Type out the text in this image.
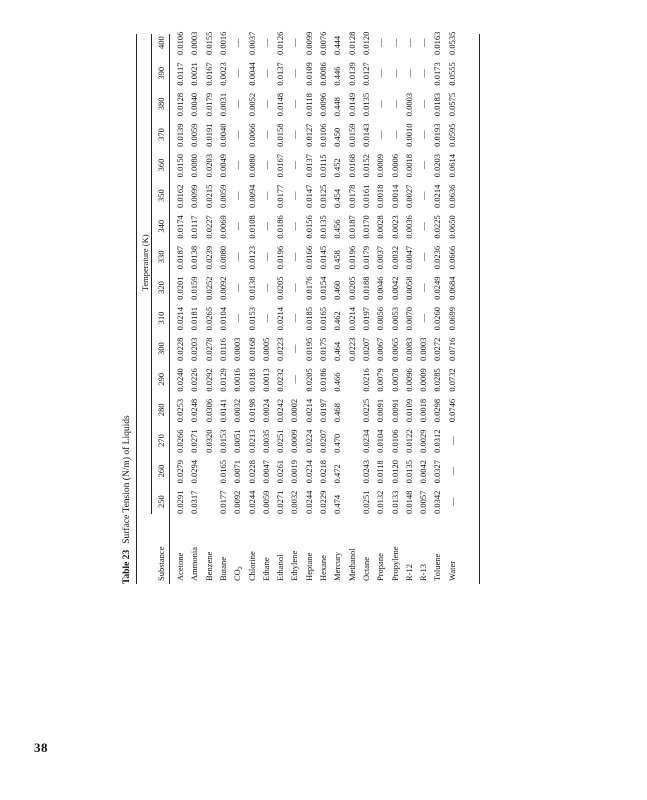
38
Table 23Surface Tension (N/m) of Liquids
Temperature (K)
Substance
250
260
270
280
290
300
310
320
330
340
350
360
370
380
390
400
Acetone
0.0291
0.0279
0.0266
0.0253
0.0240
0.0228
0.0214
0.0201
0.0187
0.0174
0.0162
0.0150
0.0139
0.0128
0.0117
0.0106
Ammonia
0.0317
0.0294
0.0271
0.0248
0.0226
0.0203
0.0181
0.0159
0.0138
0.0117
0.0099
0.0080
0.0059
0.0040
0.0021
0.0003
Benzene
0.0320
0.0306
0.0292
0.0278
0.0265
0.0252
0.0239
0.0227
0.0215
0.0203
0.0191
0.0179
0.0167
0.0155
Butane
0.0177
0.0165
0.0153
0.0141
0.0129
0.0116
0.0104
0.0092
0.0080
0.0069
0.0059
0.0049
0.0040
0.0031
0.0023
0.0016
$CO_2$
0.0092
0.0071
0.0051
0.0032
0.0016
0.0003
—
—
—
—
—
—
—
—
—
—
Chlorine
0.0244
0.0228
0.0213
0.0198
0.0183
0.0168
0.0153
0.0138
0.0123
0.0108
0.0094
0.0080
0.0066
0.0052
0.0044
0.0037
Ethane
0.0059
0.0047
0.0035
0.0024
0.0013
0.0005
—
—
—
—
—
—
—
—
—
—
Ethanol
0.0271
0.0261
0.0251
0.0242
0.0232
0.0223
0.0214
0.0205
0.0196
0.0186
0.0177
0.0167
0.0158
0.0148
0.0137
0.0126
Ethylene
0.0032
0.0019
0.0009
0.0002
—
—
—
—
—
—
—
—
—
—
—
—
Heptane
0.0244
0.0234
0.0224
0.0214
0.0205
0.0195
0.0185
0.0176
0.0166
0.0156
0.0147
0.0137
0.0127
0.0118
0.0109
0.0099
Hexane
0.0229
0.0218
0.0207
0.0197
0.0186
0.0175
0.0165
0.0154
0.0145
0.0135
0.0125
0.0115
0.0106
0.0096
0.0086
0.0076
Mercury
0.474
0.472
0.470
0.468
0.466
0.464
0.462
0.460
0.458
0.456
0.454
0.452
0.450
0.448
0.446
0.444
Methanol
0.0223
0.0214
0.0205
0.0196
0.0187
0.0178
0.0168
0.0159
0.0149
0.0139
0.0128
Octane
0.0251
0.0243
0.0234
0.0225
0.0216
0.0207
0.0197
0.0188
0.0179
0.0170
0.0161
0.0152
0.0143
0.0135
0.0127
0.0120
Propane
0.0132
0.0118
0.0104
0.0091
0.0079
0.0067
0.0056
0.0046
0.0037
0.0028
0.0018
0.0009
—
—
—
—
Propylene
0.0133
0.0120
0.0106
0.0091
0.0078
0.0065
0.0053
0.0042
0.0032
0.0023
0.0014
0.0006
—
—
—
—
R-12
0.0148
0.0135
0.0122
0.0109
0.0096
0.0083
0.0070
0.0058
0.0047
0.0036
0.0027
0.0018
0.0010
0.0003
—
—
R-13
0.0057
0.0042
0.0029
0.0018
0.0009
0.0003
—
—
—
—
—
—
—
—
—
—
Toluene
0.0342
0.0327
0.0312
0.0298
0.0285
0.0272
0.0260
0.0249
0.0236
0.0225
0.0214
0.0203
0.0193
0.0183
0.0173
0.0163
Water
—
—
—
0.0746
0.0732
0.0716
0.0699
0.0684
0.0666
0.0650
0.0636
0.0614
0.0595
0.0575
0.0555
0.0535
